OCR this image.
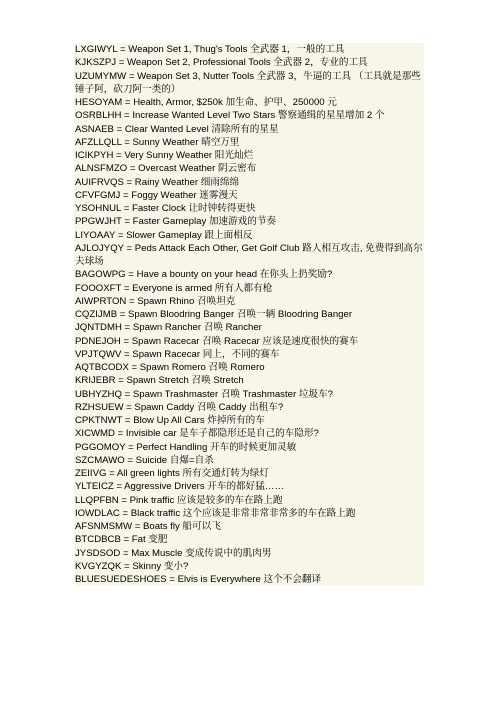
LXGIWYL = Weapon Set 1, Thug's Tools 全武器 1，一般的工具
KJKSZPJ = Weapon Set 2, Professional Tools 全武器 2，专业的工具
UZUMYMW = Weapon Set 3, Nutter Tools 全武器 3，牛逼的工具 （工具就是那些锤子阿，砍刀阿一类的）
HESOYAM = Health, Armor, $250k 加生命、护甲、250000 元
OSRBLHH = Increase Wanted Level Two Stars 警察通缉的星星增加 2 个
ASNAEB = Clear Wanted Level 清除所有的星星
AFZLLQLL = Sunny Weather 晴空万里
ICIKPYH = Very Sunny Weather 阳光灿烂
ALNSFMZO = Overcast Weather 阴云密布
AUIFRVQS = Rainy Weather 细雨绵绵
CFVFGMJ = Foggy Weather 迷雾漫天
YSOHNUL = Faster Clock 让时钟转得更快
PPGWJHT = Faster Gameplay 加速游戏的节奏
LIYOAAY = Slower Gameplay 跟上面相反
AJLOJYQY = Peds Attack Each Other, Get Golf Club 路人相互攻击, 免费得到高尔夫球场
BAGOWPG = Have a bounty on your head 在你头上扔奖励?
FOOOXFT = Everyone is armed 所有人都有枪
AIWPRTON = Spawn Rhino 召唤坦克
CQZIJMB = Spawn Bloodring Banger 召唤一辆 Bloodring Banger
JQNTDMH = Spawn Rancher 召唤 Rancher
PDNEJOH = Spawn Racecar 召唤 Racecar 应该是速度很快的赛车
VPJTQWV = Spawn Racecar 同上，不同的赛车
AQTBCODX = Spawn Romero 召唤 Romero
KRIJEBR = Spawn Stretch 召唤 Stretch
UBHYZHQ = Spawn Trashmaster 召唤 Trashmaster 垃圾车?
RZHSUEW = Spawn Caddy 召唤 Caddy 出租车?
CPKTNWT = Blow Up All Cars 炸掉所有的车
XICWMD = Invisible car 是车子都隐形还是自己的车隐形?
PGGOMOY = Perfect Handling 开车的时候更加灵敏
SZCMAWO = Suicide 自爆=自杀
ZEIIVG = All green lights 所有交通灯转为绿灯
YLTEICZ = Aggressive Drivers 开车的都好猛……
LLQPFBN = Pink traffic 应该是较多的车在路上跑
IOWDLAC = Black traffic 这个应该是非常非常非常多的车在路上跑
AFSNMSMW = Boats fly 船可以飞
BTCDBCB = Fat 变肥
JYSDSOD = Max Muscle 变成传说中的肌肉男
KVGYZQK = Skinny 变小?
BLUESUEDESHOES = Elvis is Everywhere 这个不会翻译
